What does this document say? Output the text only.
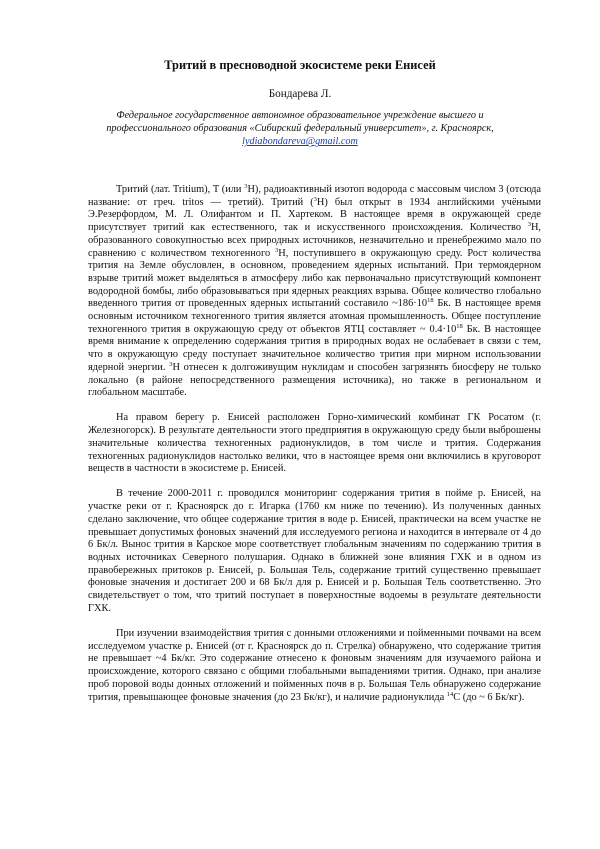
Тритий в пресноводной экосистеме реки Енисей
Бондарева Л.
Федеральное государственное автономное образовательное учреждение высшего и
профессионального образования «Сибирский федеральный университет», г. Красноярск,
lydiabondareva@gmail.com

Тритий (лат. Tritium), T (или $^3$H), радиоактивный изотоп водорода с массовым числом 3 (отсюда название: от греч. tritos — третий). Тритий ($^3$H) был открыт в 1934 английскими учёными Э.Резерфордом, М. Л. Олифантом и П. Хартеком. В настоящее время в окружающей среде присутствует тритий как естественного, так и искусственного происхождения. Количество $^3$H, образованного совокупностью всех природных источников, незначительно и пренебрежимо мало по сравнению с количеством техногенного $^3$H, поступившего в окружающую среду. Рост количества трития на Земле обусловлен, в основном, проведением ядерных испытаний. При термоядерном взрыве тритий может выделяться в атмосферу либо как первоначально присутствующий компонент водородной бомбы, либо образовываться при ядерных реакциях взрыва. Общее количество глобально введенного трития от проведенных ядерных испытаний составило $\sim 186\cdot 10^{18}$ Бк. В настоящее время основным источником техногенного трития является атомная промышленность. Общее поступление техногенного трития в окружающую среду от объектов ЯТЦ составляет ~ $0.4\cdot 10^{18}$ Бк. В настоящее время внимание к определению содержания трития в природных водах не ослабевает в связи с тем, что в окружающую среду поступает значительное количество трития при мирном использовании ядерной энергии. $^3$H отнесен к долгоживущим нуклидам и способен загрязнять биосферу не только локально (в районе непосредственного размещения источника), но также в региональном и глобальном масштабе.

На правом берегу р. Енисей расположен Горно-химический комбинат ГК Росатом (г. Железногорск). В результате деятельности этого предприятия в окружающую среду были выброшены значительные количества техногенных радионуклидов, в том числе и трития. Содержания техногенных радионуклидов настолько велики, что в настоящее время они включились в круговорот веществ в частности в экосистеме р. Енисей.

В течение 2000-2011 г. проводился мониторинг содержания трития в пойме р. Енисей, на участке реки от г. Красноярск до г. Игарка (1760 км ниже по течению). Из полученных данных сделано заключение, что общее содержание трития в воде р. Енисей, практически на всем участке не превышает допустимых фоновых значений для исследуемого региона и находится в интервале от 4 до 6 Бк/л. Вынос трития в Карское море соответствует глобальным значениям по содержанию трития в водных источниках Северного полушария. Однако в ближней зоне влияния ГХК и в одном из правобережных притоков р. Енисей, р. Большая Тель, содержание тритий существенно превышает фоновые значения и достигает 200 и 68 Бк/л для р. Енисей и р. Большая Тель соответственно. Это свидетельствует о том, что тритий поступает в поверхностные водоемы в результате деятельности ГХК.

При изучении взаимодействия трития с донными отложениями и пойменными почвами на всем исследуемом участке р. Енисей (от г. Красноярск до п. Стрелка) обнаружено, что содержание трития не превышает ~4 Бк/кг. Это содержание отнесено к фоновым значениям для изучаемого района и происхождение, которого связано с общими глобальными выпадениями трития. Однако, при анализе проб поровой воды донных отложений и пойменных почв в р. Большая Тель обнаружено содержание трития, превышающее фоновые значения (до 23 Бк/кг), и наличие радионуклида $^{14}$C (до ~ 6 Бк/кг).
